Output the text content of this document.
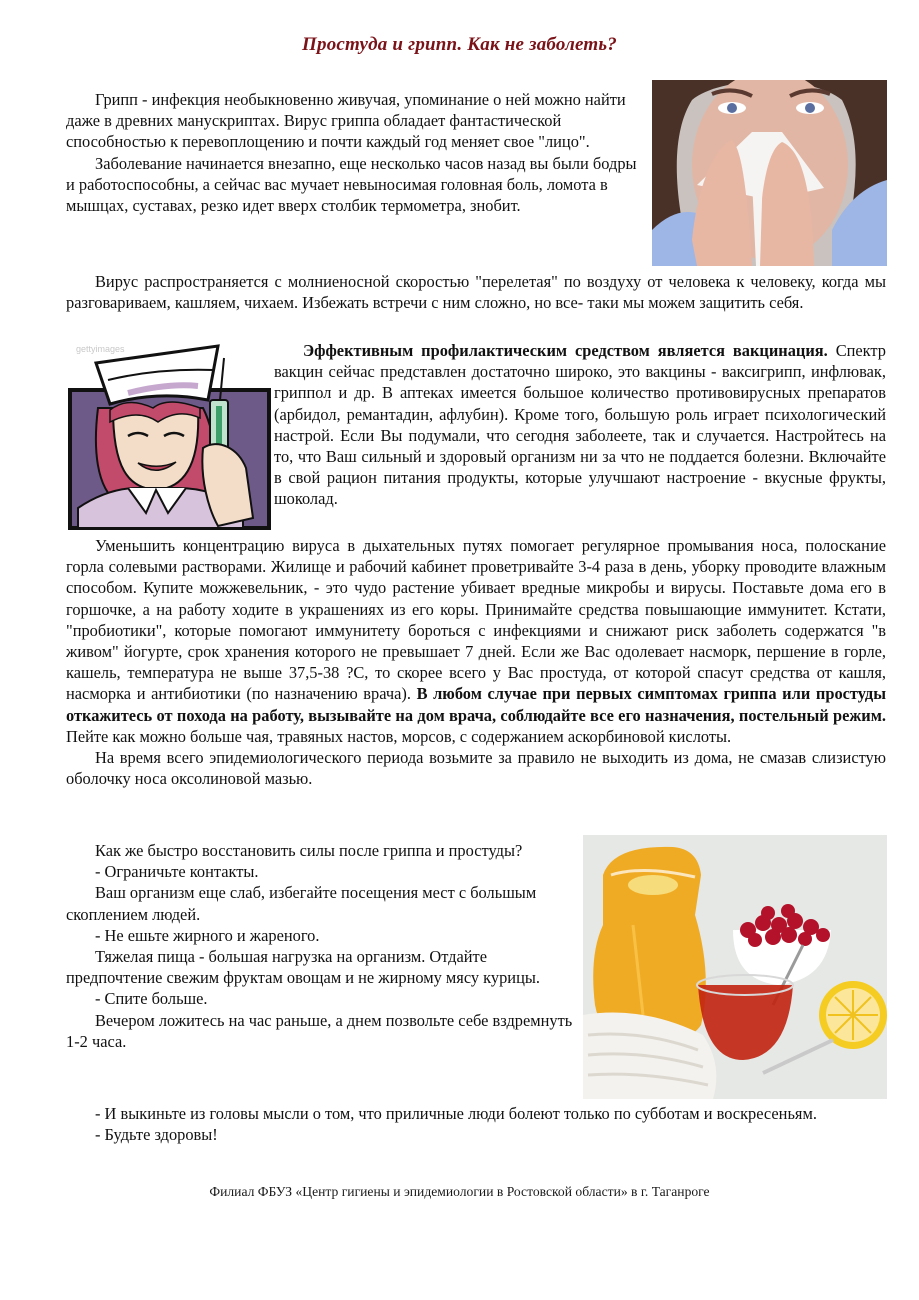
Простуда и грипп. Как не заболеть?

Грипп - инфекция необыкновенно живучая, упоминание о ней можно найти даже в древних манускриптах. Вирус гриппа обладает фантастической способностью к перевоплощению и почти каждый год меняет свое "лицо".

Заболевание начинается внезапно, еще несколько часов назад вы были бодры и работоспособны, а сейчас вас мучает невыносимая головная боль, ломота в мышцах, суставах, резко идет вверх столбик термометра, знобит.

Вирус распространяется с молниеносной скоростью "перелетая" по воздуху от человека к человеку, когда мы разговариваем, кашляем, чихаем. Избежать встречи с ним сложно, но все- таки мы можем защитить себя.

gettyimages	Эффективным профилактическим средством является вакцинация. Спектр вакцин сейчас представлен достаточно широко, это вакцины - ваксигрипп, инфлювак, гриппол и др. В аптеках имеется большое количество противовирусных препаратов (арбидол, ремантадин, афлубин). Кроме того, большую роль играет психологический настрой. Если Вы подумали, что сегодня заболеете, так и случается. Настройтесь на то, что Ваш сильный и здоровый организм ни за что не поддается болезни. Включайте в свой рацион питания продукты, которые улучшают настроение - вкусные фрукты, шоколад.

Уменьшить концентрацию вируса в дыхательных путях помогает регулярное промывания носа, полоскание горла солевыми растворами. Жилище и рабочий кабинет проветривайте 3-4 раза в день, уборку проводите влажным способом. Купите можжевельник, - это чудо растение убивает вредные микробы и вирусы. Поставьте дома его в горшочке, а на работу ходите в украшениях из его коры. Принимайте средства повышающие иммунитет. Кстати, "пробиотики", которые помогают иммунитету бороться с инфекциями и снижают риск заболеть содержатся "в живом" йогурте, срок хранения которого не превышает 7 дней. Если же Вас одолевает насморк, першение в горле, кашель, температура не выше 37,5-38 ?С, то скорее всего у Вас простуда, от которой спасут средства от кашля, насморка и антибиотики (по назначению врача). В любом случае при первых симптомах гриппа или простуды откажитесь от похода на работу, вызывайте на дом врача, соблюдайте все его назначения, постельный режим. Пейте как можно больше чая, травяных настов, морсов, с содержанием аскорбиновой кислоты.

На время всего эпидемиологического периода возьмите за правило не выходить из дома, не смазав слизистую оболочку носа оксолиновой мазью.

Как же быстро восстановить силы после гриппа и простуды?

- Ограничьте контакты.

Ваш организм еще слаб, избегайте посещения мест с большым скоплением людей.

- Не ешьте жирного и жареного.

Тяжелая пища - большая нагрузка на организм. Отдайте предпочтение свежим фруктам овощам и не жирному мясу курицы.

- Спите больше.

Вечером ложитесь на час раньше, а днем позвольте себе вздремнуть 1-2 часа.

- И выкиньте из головы мысли о том, что приличные люди болеют только по субботам и воскресеньям.

- Будьте здоровы!

Филиал ФБУЗ «Центр гигиены и эпидемиологии в Ростовской области» в г. Таганроге
